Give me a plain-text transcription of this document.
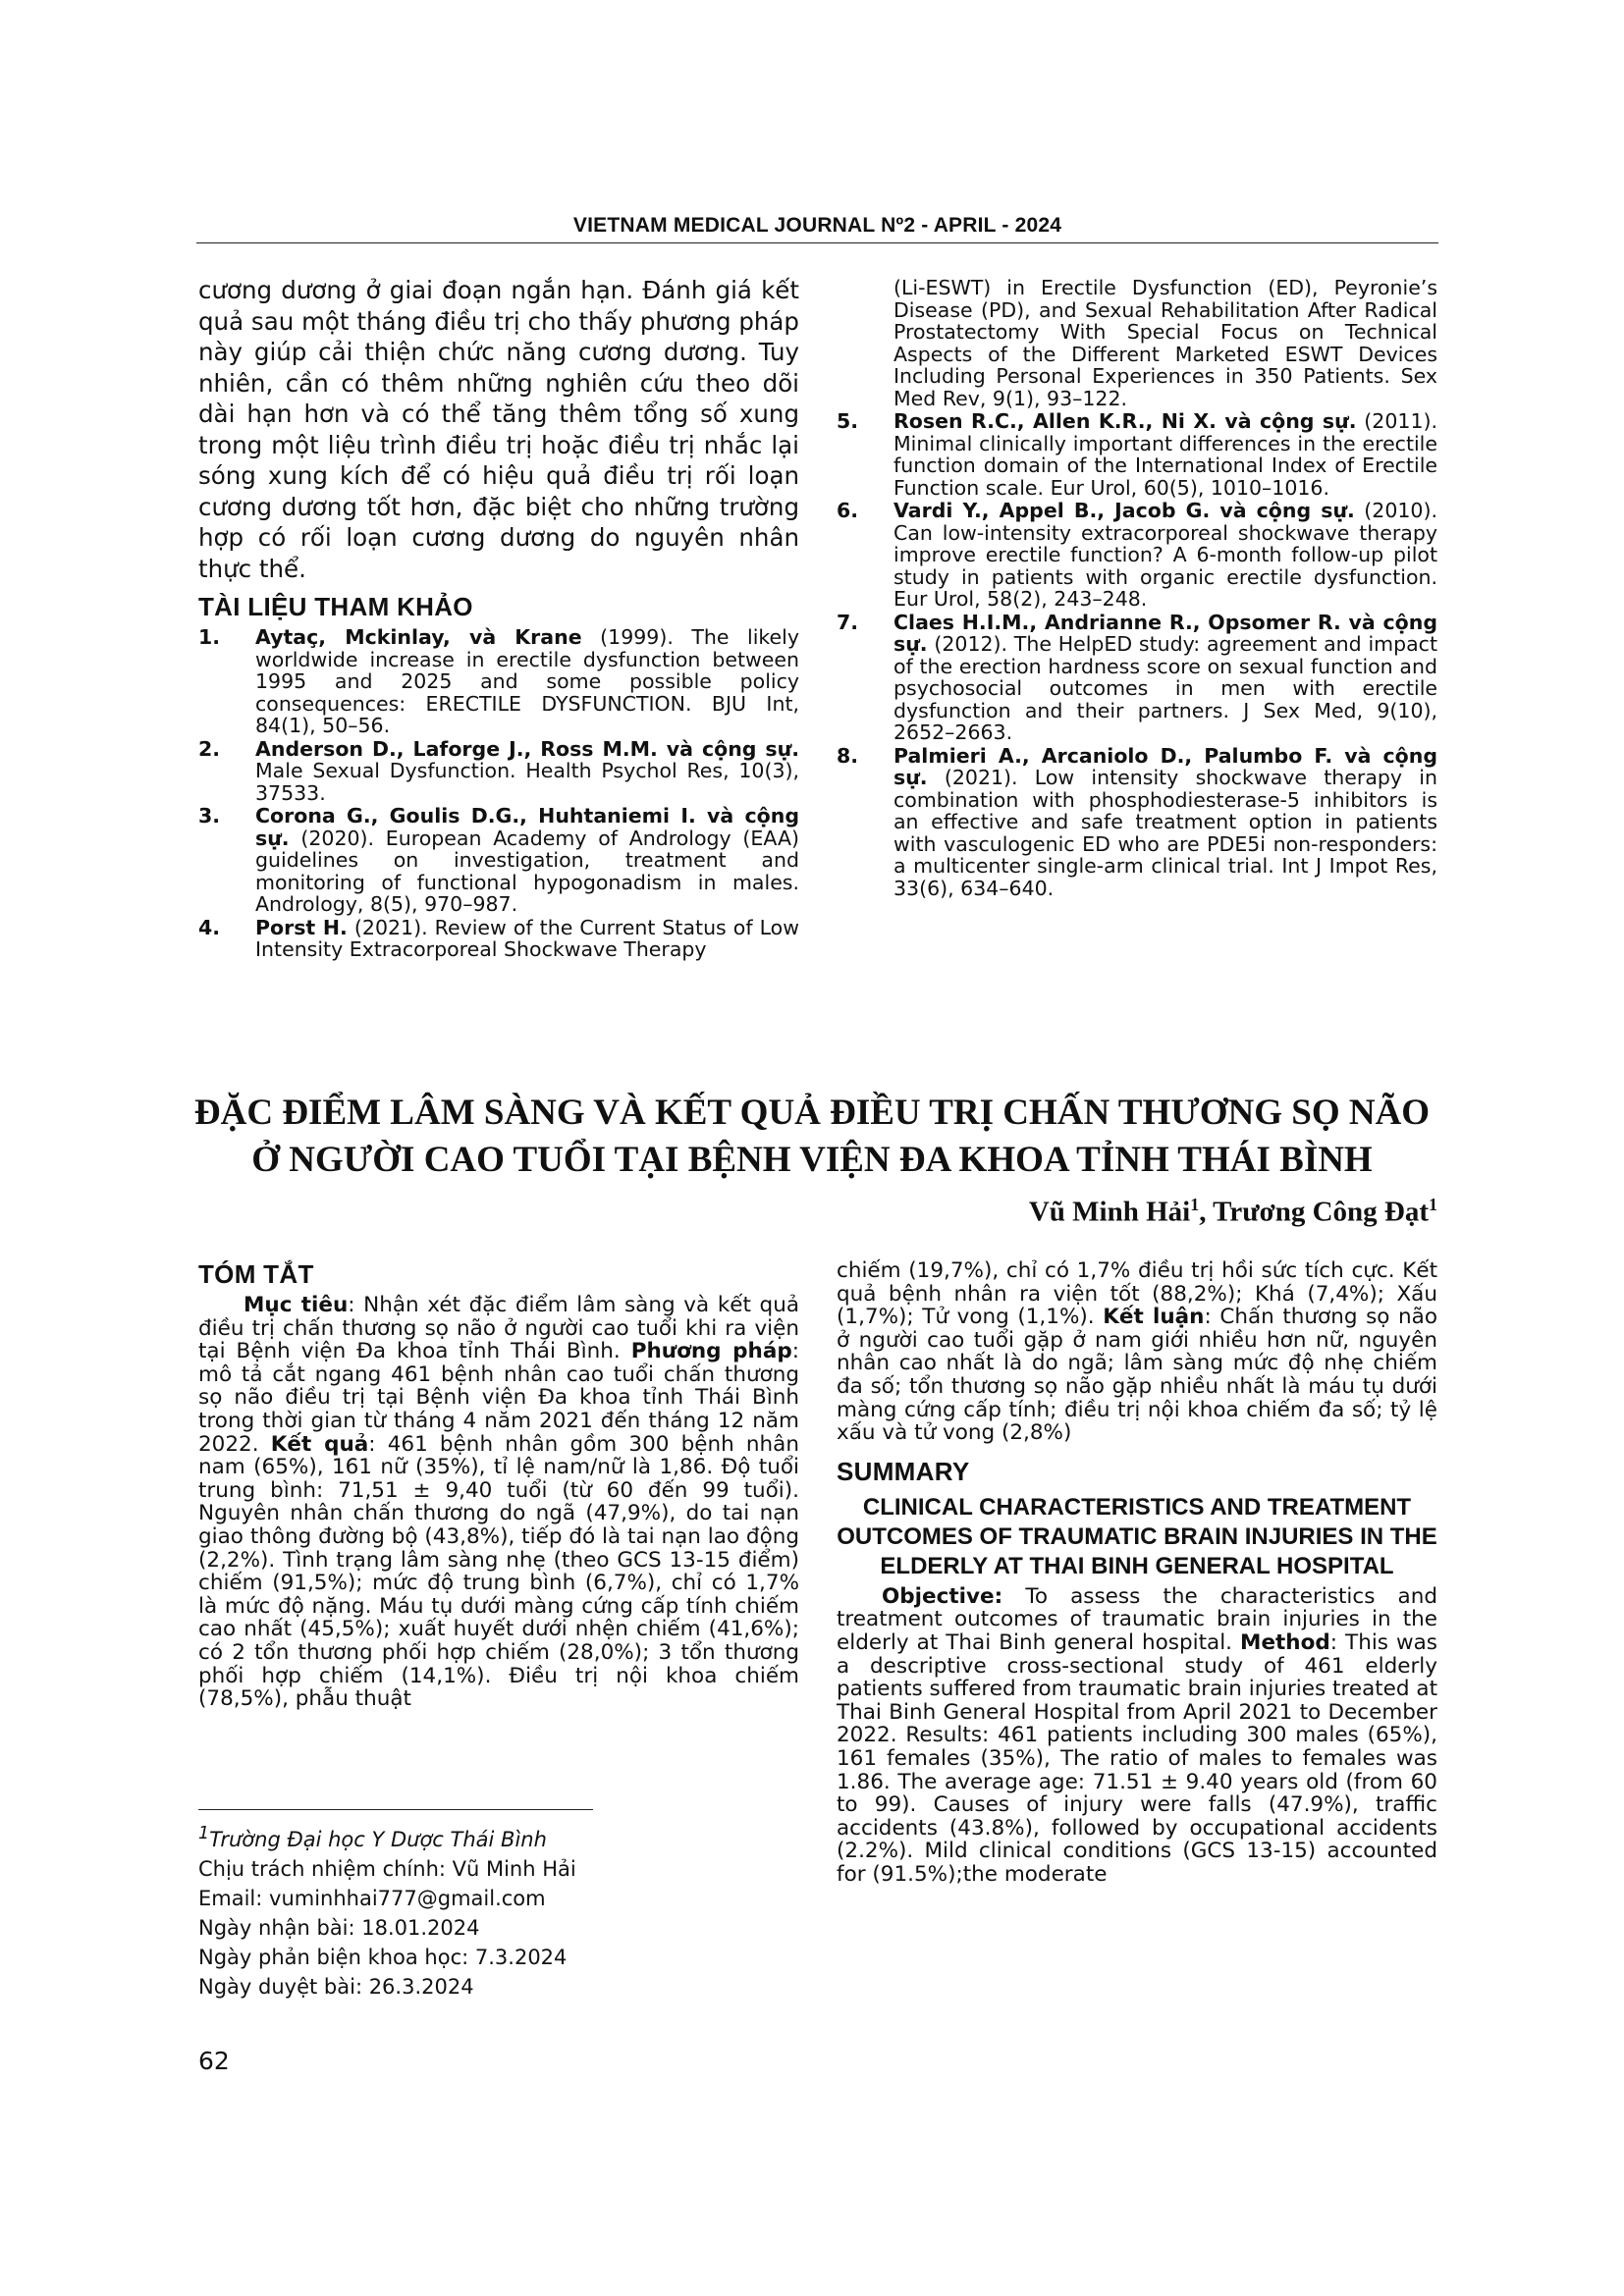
VIETNAM MEDICAL JOURNAL Nº2 - APRIL - 2024

cương dương ở giai đoạn ngắn hạn. Đánh giá kết quả sau một tháng điều trị cho thấy phương pháp này giúp cải thiện chức năng cương dương. Tuy nhiên, cần có thêm những nghiên cứu theo dõi dài hạn hơn và có thể tăng thêm tổng số xung trong một liệu trình điều trị hoặc điều trị nhắc lại sóng xung kích để có hiệu quả điều trị rối loạn cương dương tốt hơn, đặc biệt cho những trường hợp có rối loạn cương dương do nguyên nhân thực thể.

TÀI LIỆU THAM KHẢO
1. Aytaç, Mckinlay, và Krane (1999). The likely worldwide increase in erectile dysfunction between 1995 and 2025 and some possible policy consequences: ERECTILE DYSFUNCTION. BJU Int, 84(1), 50–56.
2. Anderson D., Laforge J., Ross M.M. và cộng sự. Male Sexual Dysfunction. Health Psychol Res, 10(3), 37533.
3. Corona G., Goulis D.G., Huhtaniemi I. và cộng sự. (2020). European Academy of Andrology (EAA) guidelines on investigation, treatment and monitoring of functional hypogonadism in males. Andrology, 8(5), 970–987.
4. Porst H. (2021). Review of the Current Status of Low Intensity Extracorporeal Shockwave Therapy
(Li-ESWT) in Erectile Dysfunction (ED), Peyronie’s Disease (PD), and Sexual Rehabilitation After Radical Prostatectomy With Special Focus on Technical Aspects of the Different Marketed ESWT Devices Including Personal Experiences in 350 Patients. Sex Med Rev, 9(1), 93–122.
5. Rosen R.C., Allen K.R., Ni X. và cộng sự. (2011). Minimal clinically important differences in the erectile function domain of the International Index of Erectile Function scale. Eur Urol, 60(5), 1010–1016.
6. Vardi Y., Appel B., Jacob G. và cộng sự. (2010). Can low-intensity extracorporeal shockwave therapy improve erectile function? A 6-month follow-up pilot study in patients with organic erectile dysfunction. Eur Urol, 58(2), 243–248.
7. Claes H.I.M., Andrianne R., Opsomer R. và cộng sự. (2012). The HelpED study: agreement and impact of the erection hardness score on sexual function and psychosocial outcomes in men with erectile dysfunction and their partners. J Sex Med, 9(10), 2652–2663.
8. Palmieri A., Arcaniolo D., Palumbo F. và cộng sự. (2021). Low intensity shockwave therapy in combination with phosphodiesterase-5 inhibitors is an effective and safe treatment option in patients with vasculogenic ED who are PDE5i non-responders: a multicenter single-arm clinical trial. Int J Impot Res, 33(6), 634–640.
ĐẶC ĐIỂM LÂM SÀNG VÀ KẾT QUẢ ĐIỀU TRỊ CHẤN THƯƠNG SỌ NÃO
Ở NGƯỜI CAO TUỔI TẠI BỆNH VIỆN ĐA KHOA TỈNH THÁI BÌNH
Vũ Minh Hải$^1$, Trương Công Đạt$^1$
TÓM TẮT

Mục tiêu: Nhận xét đặc điểm lâm sàng và kết quả điều trị chấn thương sọ não ở người cao tuổi khi ra viện tại Bệnh viện Đa khoa tỉnh Thái Bình. Phương pháp: mô tả cắt ngang 461 bệnh nhân cao tuổi chấn thương sọ não điều trị tại Bệnh viện Đa khoa tỉnh Thái Bình trong thời gian từ tháng 4 năm 2021 đến tháng 12 năm 2022. Kết quả: 461 bệnh nhân gồm 300 bệnh nhân nam (65%), 161 nữ (35%), tỉ lệ nam/nữ là 1,86. Độ tuổi trung bình: 71,51 ± 9,40 tuổi (từ 60 đến 99 tuổi). Nguyên nhân chấn thương do ngã (47,9%), do tai nạn giao thông đường bộ (43,8%), tiếp đó là tai nạn lao động (2,2%). Tình trạng lâm sàng nhẹ (theo GCS 13-15 điểm) chiếm (91,5%); mức độ trung bình (6,7%), chỉ có 1,7% là mức độ nặng. Máu tụ dưới màng cứng cấp tính chiếm cao nhất (45,5%); xuất huyết dưới nhện chiếm (41,6%); có 2 tổn thương phối hợp chiếm (28,0%); 3 tổn thương phối hợp chiếm (14,1%). Điều trị nội khoa chiếm (78,5%), phẫu thuật

$^1$Trường Đại học Y Dược Thái Bình
Chịu trách nhiệm chính: Vũ Minh Hải
Email: vuminhhai777@gmail.com
Ngày nhận bài: 18.01.2024
Ngày phản biện khoa học: 7.3.2024
Ngày duyệt bài: 26.3.2024

chiếm (19,7%), chỉ có 1,7% điều trị hồi sức tích cực. Kết quả bệnh nhân ra viện tốt (88,2%); Khá (7,4%); Xấu (1,7%); Tử vong (1,1%). Kết luận: Chấn thương sọ não ở người cao tuổi gặp ở nam giới nhiều hơn nữ, nguyên nhân cao nhất là do ngã; lâm sàng mức độ nhẹ chiếm đa số; tổn thương sọ não gặp nhiều nhất là máu tụ dưới màng cứng cấp tính; điều trị nội khoa chiếm đa số; tỷ lệ xấu và tử vong (2,8%)

SUMMARY
CLINICAL CHARACTERISTICS AND TREATMENT OUTCOMES OF TRAUMATIC BRAIN INJURIES IN THE ELDERLY AT THAI BINH GENERAL HOSPITAL

Objective: To assess the characteristics and treatment outcomes of traumatic brain injuries in the elderly at Thai Binh general hospital. Method: This was a descriptive cross-sectional study of 461 elderly patients suffered from traumatic brain injuries treated at Thai Binh General Hospital from April 2021 to December 2022. Results: 461 patients including 300 males (65%), 161 females (35%), The ratio of males to females was 1.86. The average age: 71.51 ± 9.40 years old (from 60 to 99). Causes of injury were falls (47.9%), traffic accidents (43.8%), followed by occupational accidents (2.2%). Mild clinical conditions (GCS 13-15) accounted for (91.5%);the moderate

62
